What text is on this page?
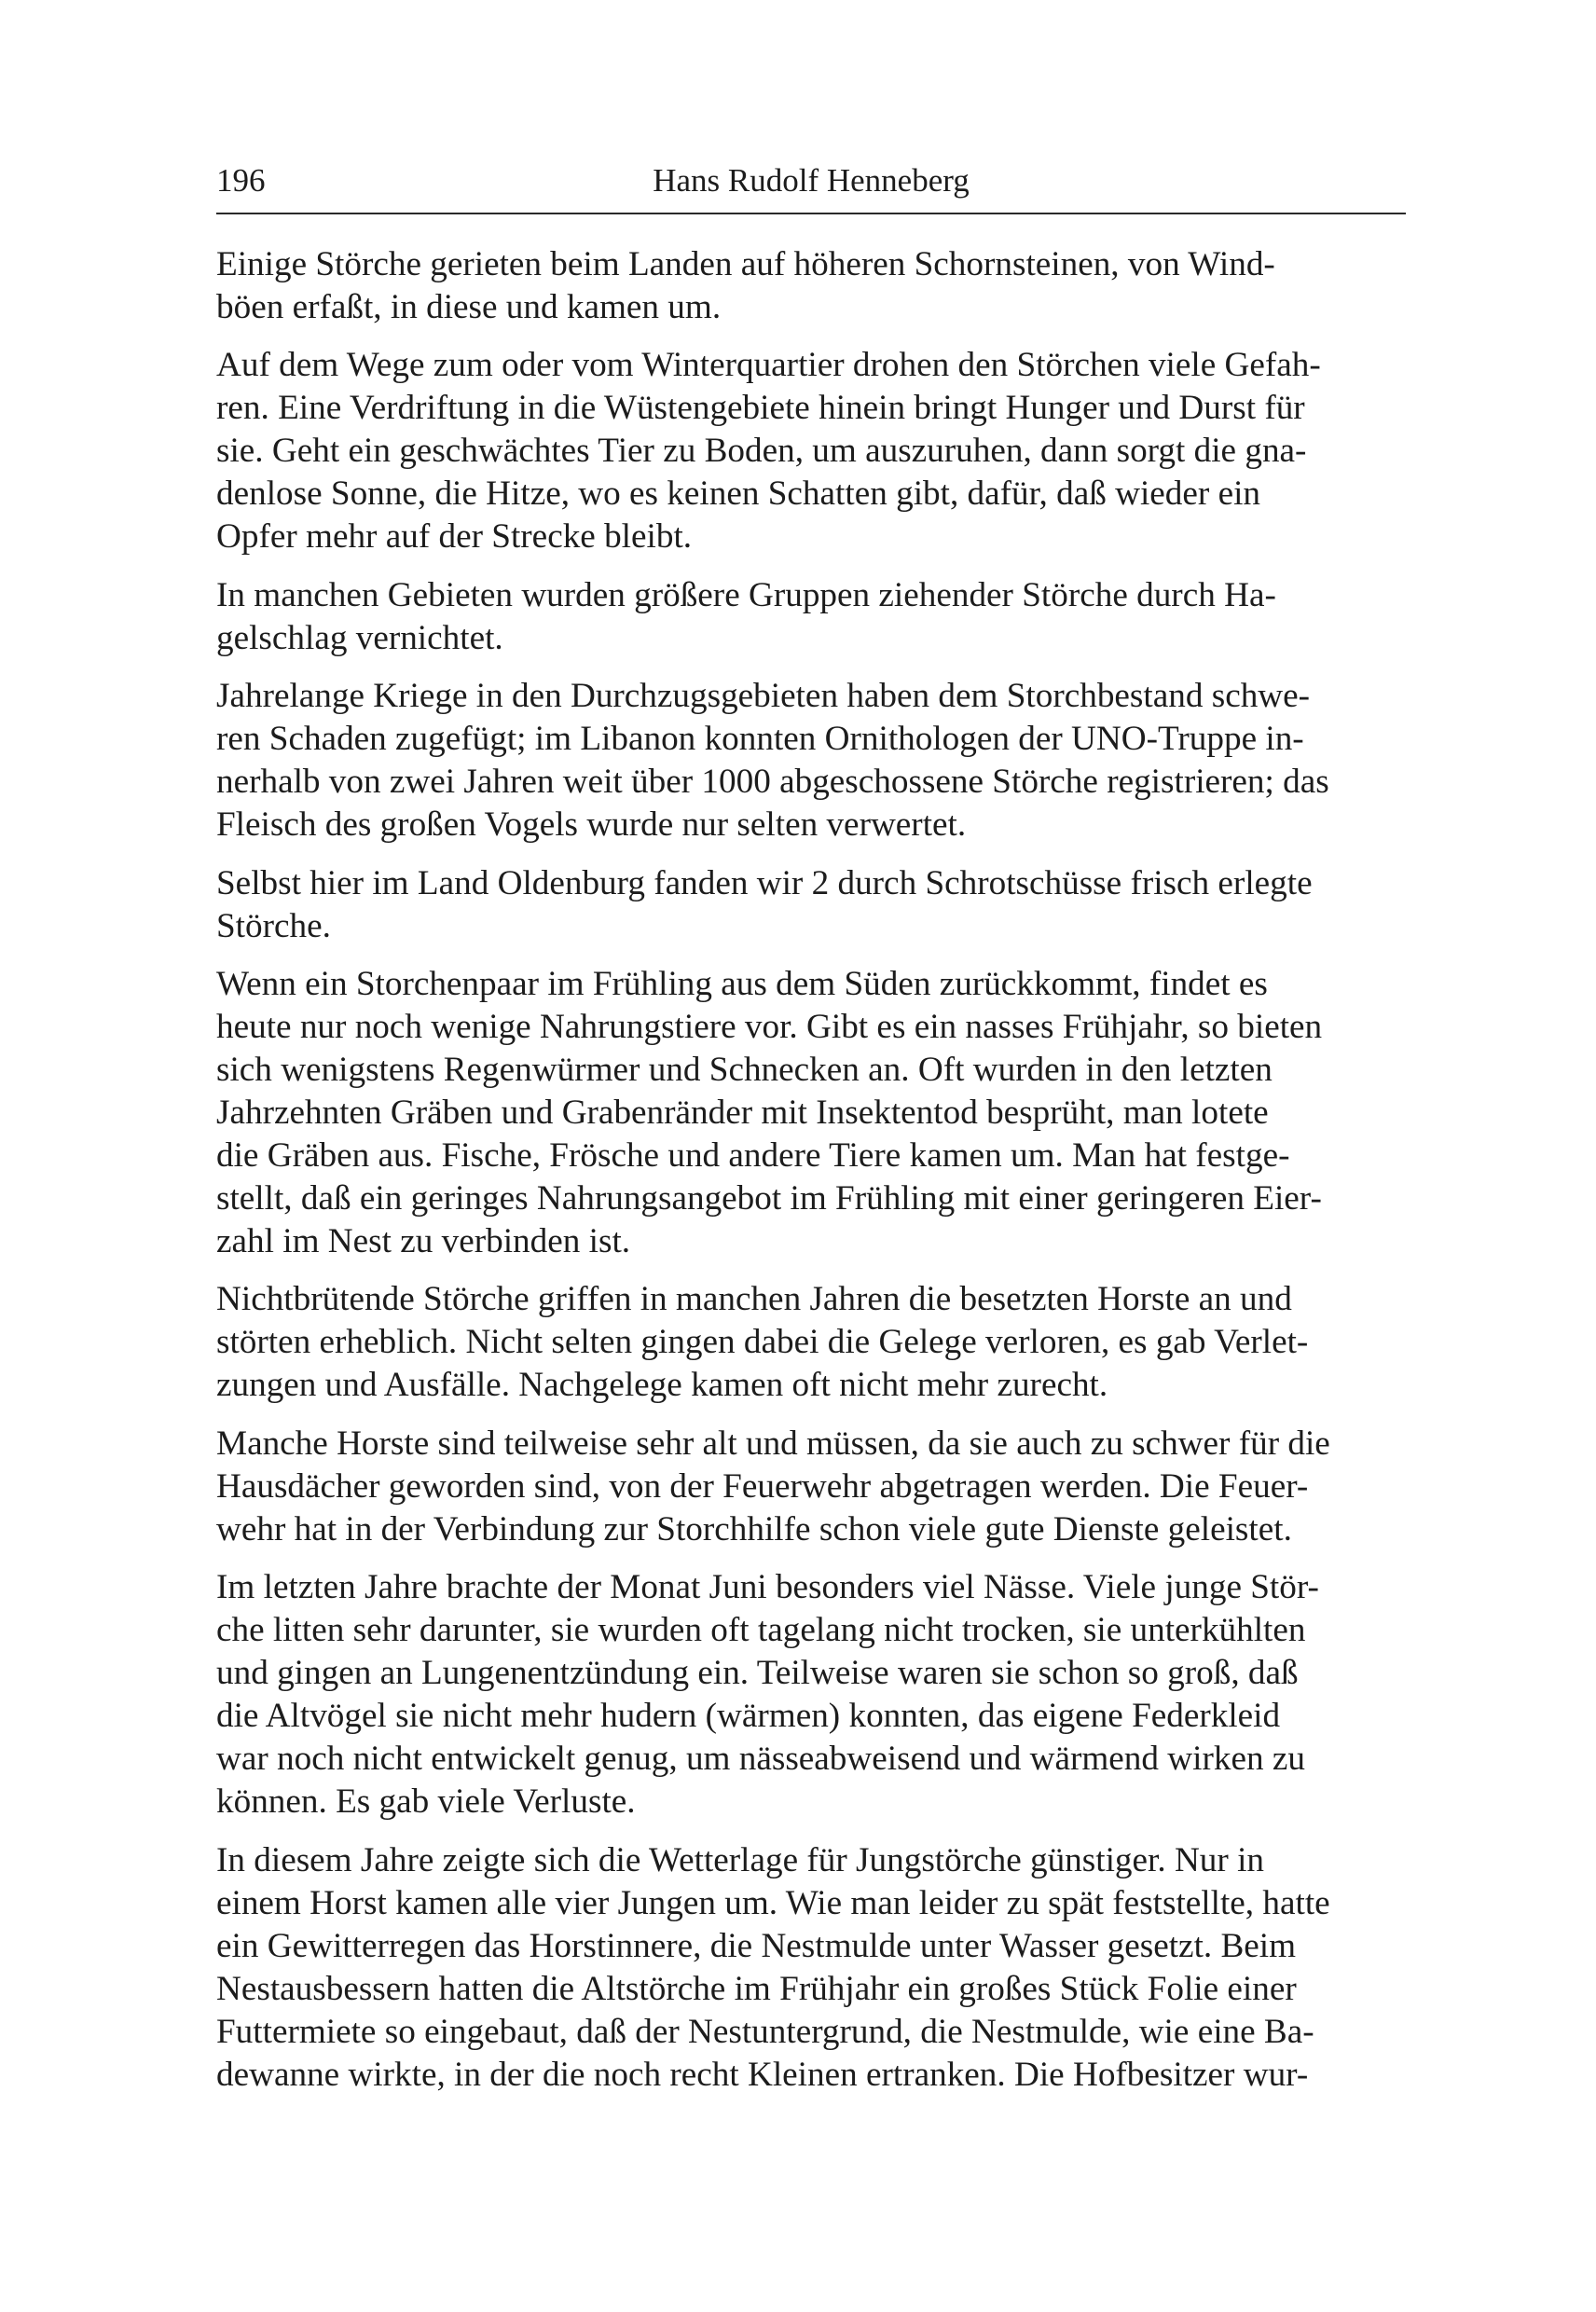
196	Hans Rudolf Henneberg
Einige Störche gerieten beim Landen auf höheren Schornsteinen, von Wind-
böen erfaßt, in diese und kamen um.
Auf dem Wege zum oder vom Winterquartier drohen den Störchen viele Gefah-
ren. Eine Verdriftung in die Wüstengebiete hinein bringt Hunger und Durst für
sie. Geht ein geschwächtes Tier zu Boden, um auszuruhen, dann sorgt die gna-
denlose Sonne, die Hitze, wo es keinen Schatten gibt, dafür, daß wieder ein
Opfer mehr auf der Strecke bleibt.
In manchen Gebieten wurden größere Gruppen ziehender Störche durch Ha-
gelschlag vernichtet.
Jahrelange Kriege in den Durchzugsgebieten haben dem Storchbestand schwe-
ren Schaden zugefügt; im Libanon konnten Ornithologen der UNO-Truppe in-
nerhalb von zwei Jahren weit über 1000 abgeschossene Störche registrieren; das
Fleisch des großen Vogels wurde nur selten verwertet.
Selbst hier im Land Oldenburg fanden wir 2 durch Schrotschüsse frisch erlegte
Störche.
Wenn ein Storchenpaar im Frühling aus dem Süden zurückkommt, findet es
heute nur noch wenige Nahrungstiere vor. Gibt es ein nasses Frühjahr, so bieten
sich wenigstens Regenwürmer und Schnecken an. Oft wurden in den letzten
Jahrzehnten Gräben und Grabenränder mit Insektentod besprüht, man lotete
die Gräben aus. Fische, Frösche und andere Tiere kamen um. Man hat festge-
stellt, daß ein geringes Nahrungsangebot im Frühling mit einer geringeren Eier-
zahl im Nest zu verbinden ist.
Nichtbrütende Störche griffen in manchen Jahren die besetzten Horste an und
störten erheblich. Nicht selten gingen dabei die Gelege verloren, es gab Verlet-
zungen und Ausfälle. Nachgelege kamen oft nicht mehr zurecht.
Manche Horste sind teilweise sehr alt und müssen, da sie auch zu schwer für die
Hausdächer geworden sind, von der Feuerwehr abgetragen werden. Die Feuer-
wehr hat in der Verbindung zur Storchhilfe schon viele gute Dienste geleistet.
Im letzten Jahre brachte der Monat Juni besonders viel Nässe. Viele junge Stör-
che litten sehr darunter, sie wurden oft tagelang nicht trocken, sie unterkühlten
und gingen an Lungenentzündung ein. Teilweise waren sie schon so groß, daß
die Altvögel sie nicht mehr hudern (wärmen) konnten, das eigene Federkleid
war noch nicht entwickelt genug, um nässeabweisend und wärmend wirken zu
können. Es gab viele Verluste.
In diesem Jahre zeigte sich die Wetterlage für Jungstörche günstiger. Nur in
einem Horst kamen alle vier Jungen um. Wie man leider zu spät feststellte, hatte
ein Gewitterregen das Horstinnere, die Nestmulde unter Wasser gesetzt. Beim
Nestausbessern hatten die Altstörche im Frühjahr ein großes Stück Folie einer
Futtermiete so eingebaut, daß der Nestuntergrund, die Nestmulde, wie eine Ba-
dewanne wirkte, in der die noch recht Kleinen ertranken. Die Hofbesitzer wur-
